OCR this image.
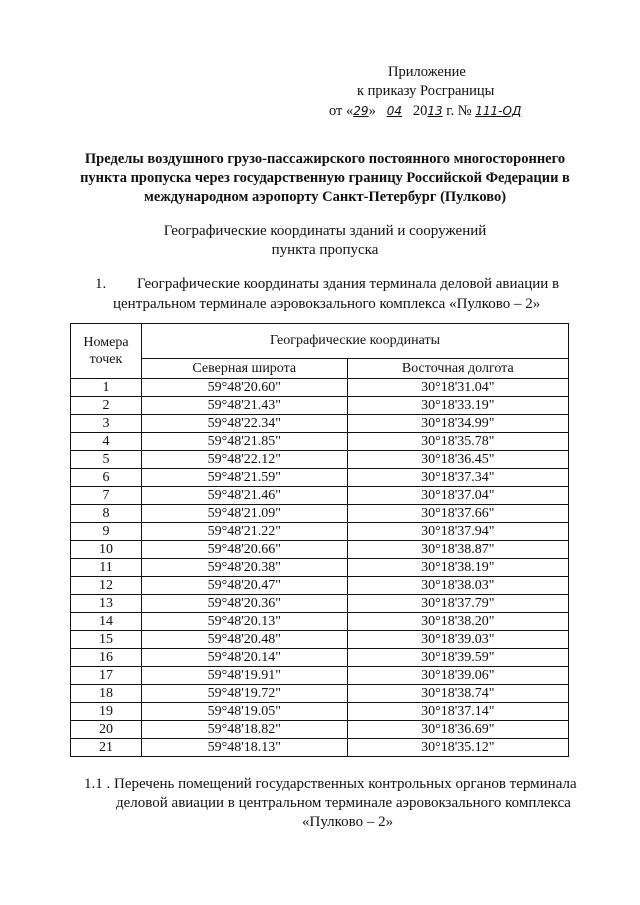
Приложение
к приказу Росграницы
от «29» 04 2013 г. № 111-ОД
Пределы воздушного грузо-пассажирского постоянного многостороннего
пункта пропуска через государственную границу Российской Федерации в
международном аэропорту Санкт-Петербург (Пулково)
Географические координаты зданий и сооружений
пункта пропуска
1. Географические координаты здания терминала деловой авиации в
центральном терминале аэровокзального комплекса «Пулково – 2»
Номера точек	Географические координаты	
	Северная широта	Восточная долгота
1	59°48'20.60"	30°18'31.04"
2	59°48'21.43"	30°18'33.19"
3	59°48'22.34"	30°18'34.99"
4	59°48'21.85"	30°18'35.78"
5	59°48'22.12"	30°18'36.45"
6	59°48'21.59"	30°18'37.34"
7	59°48'21.46"	30°18'37.04"
8	59°48'21.09"	30°18'37.66"
9	59°48'21.22"	30°18'37.94"
10	59°48'20.66"	30°18'38.87"
11	59°48'20.38"	30°18'38.19"
12	59°48'20.47"	30°18'38.03"
13	59°48'20.36"	30°18'37.79"
14	59°48'20.13"	30°18'38.20"
15	59°48'20.48"	30°18'39.03"
16	59°48'20.14"	30°18'39.59"
17	59°48'19.91"	30°18'39.06"
18	59°48'19.72"	30°18'38.74"
19	59°48'19.05"	30°18'37.14"
20	59°48'18.82"	30°18'36.69"
21	59°48'18.13"	30°18'35.12"
1.1 . Перечень помещений государственных контрольных органов терминала
деловой авиации в центральном терминале аэровокзального комплекса
«Пулково – 2»
